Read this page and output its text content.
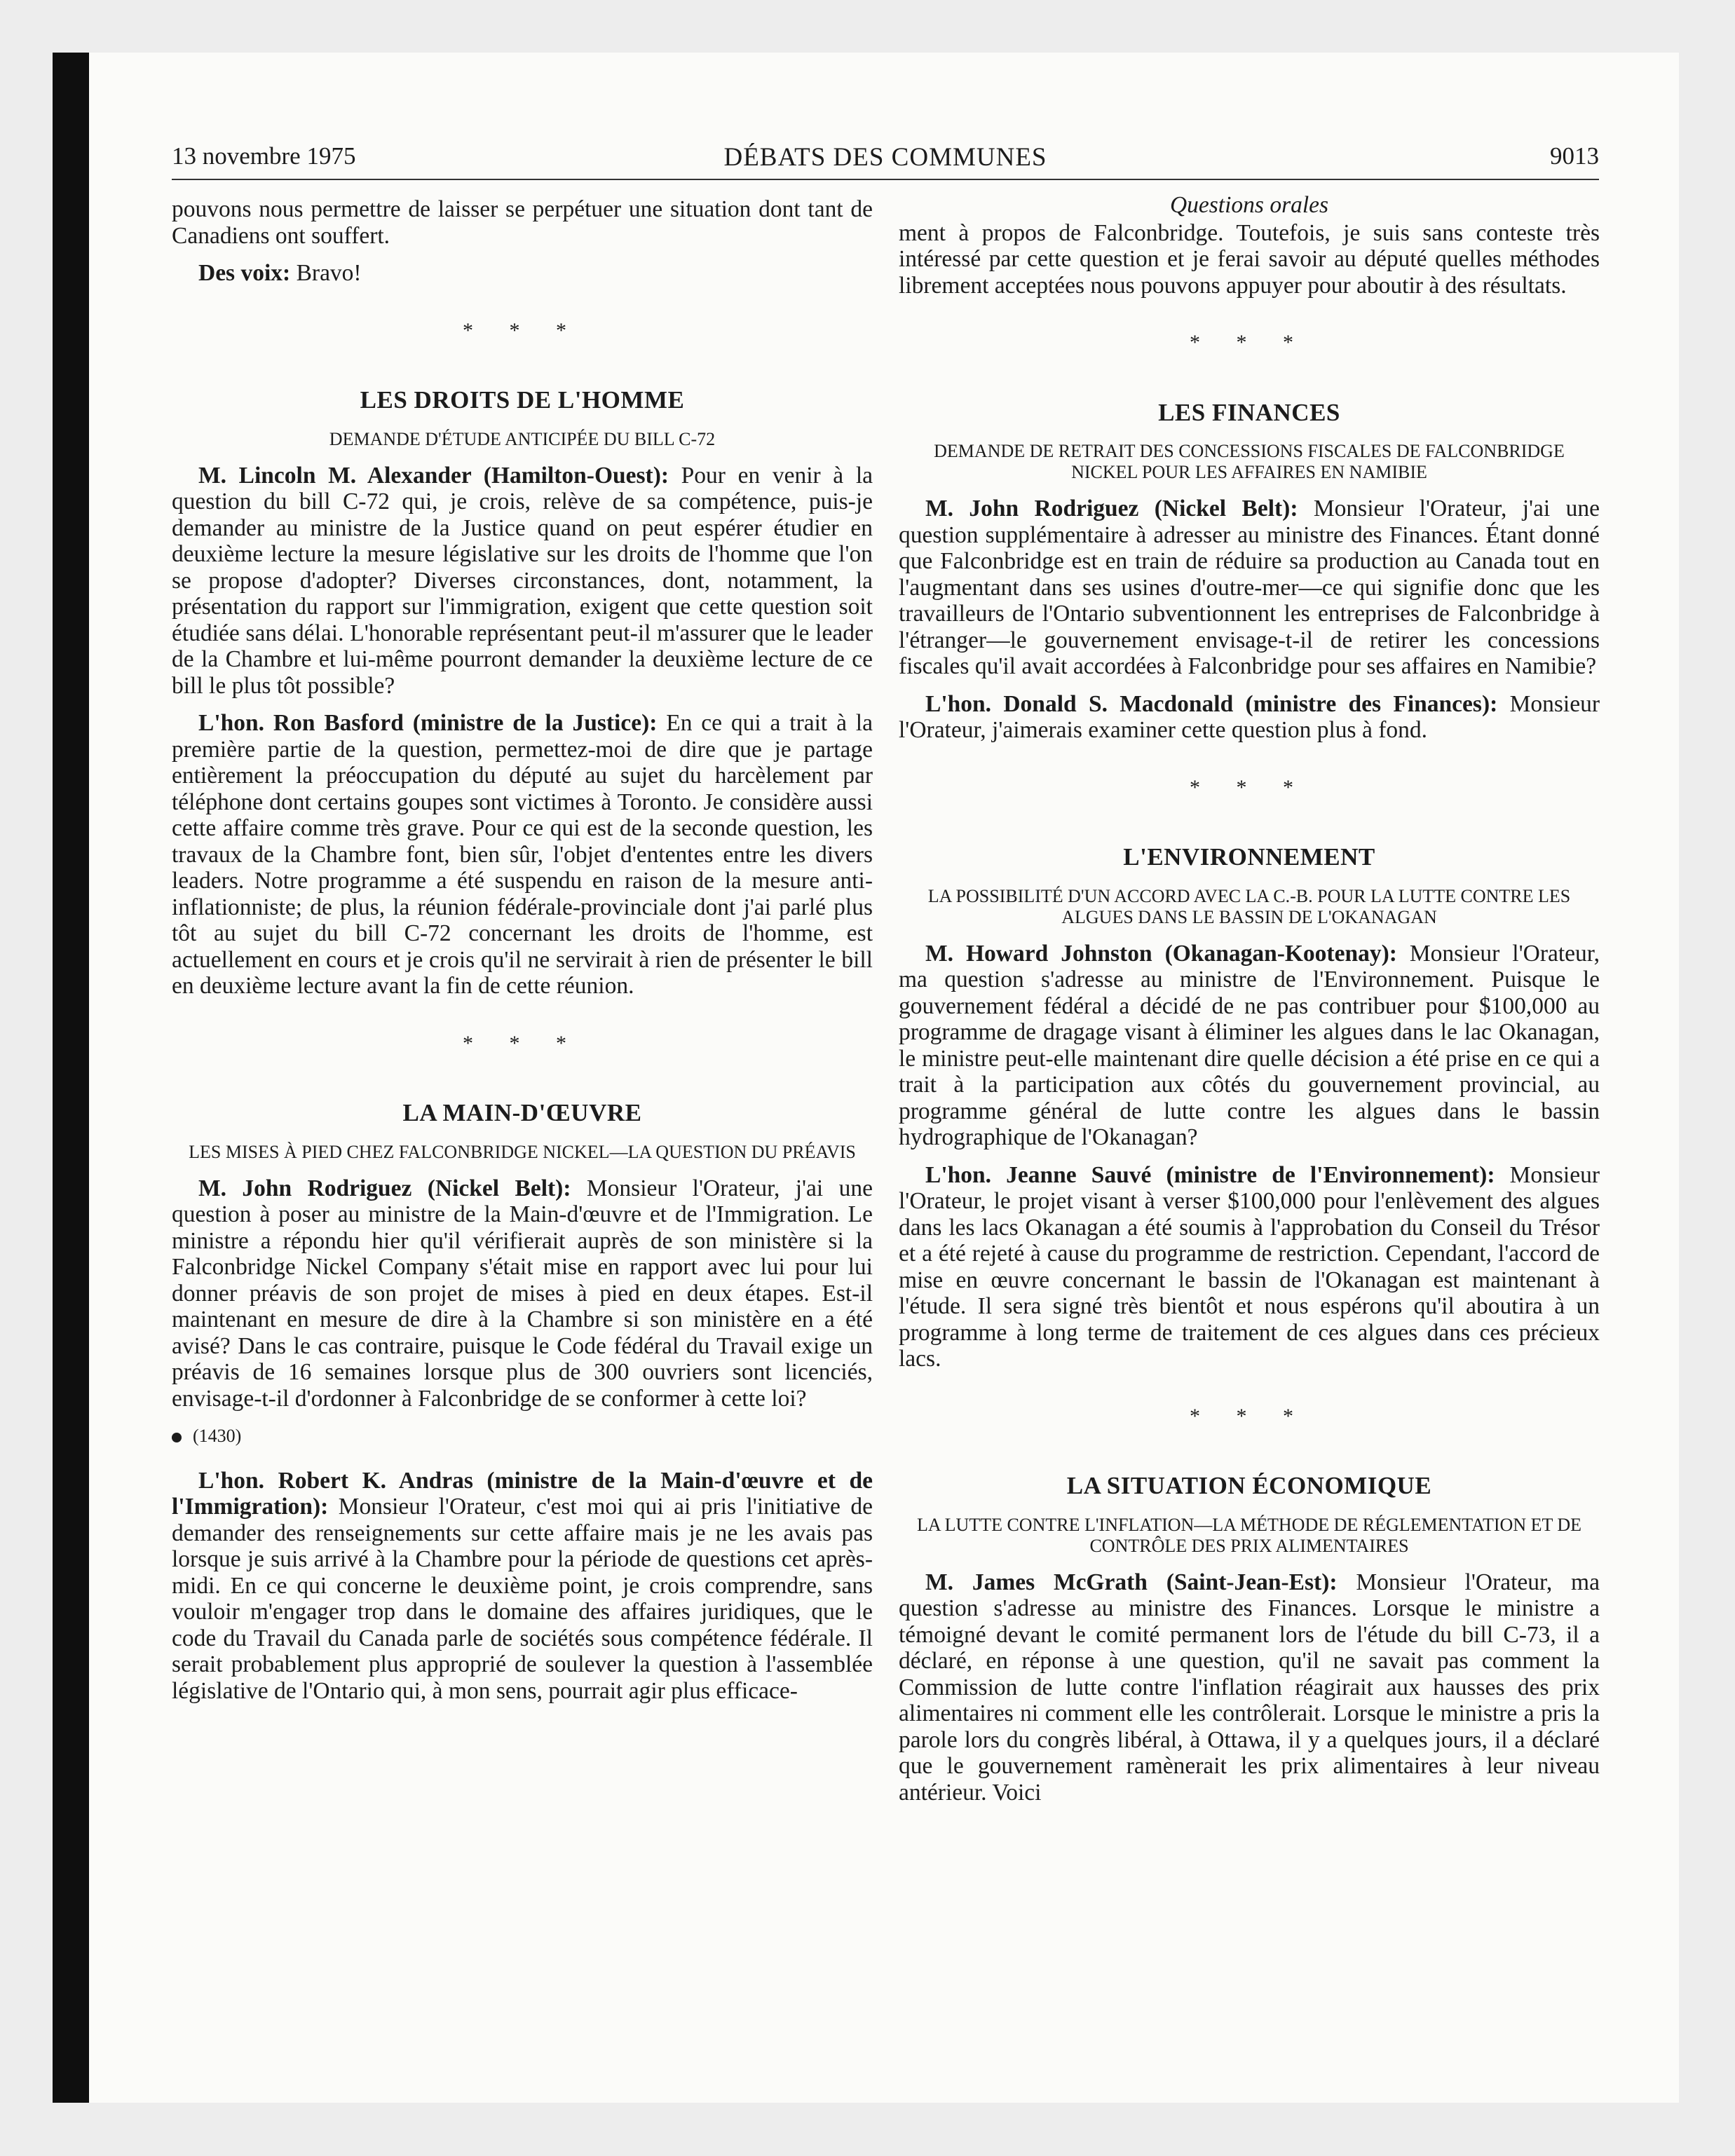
13 novembre 1975	DÉBATS DES COMMUNES	9013

pouvons nous permettre de laisser se perpétuer une situation dont tant de Canadiens ont souffert.

Des voix: Bravo!

* * *
LES DROITS DE L'HOMME
DEMANDE D'ÉTUDE ANTICIPÉE DU BILL C-72

M. Lincoln M. Alexander (Hamilton-Ouest): Pour en venir à la question du bill C-72 qui, je crois, relève de sa compétence, puis-je demander au ministre de la Justice quand on peut espérer étudier en deuxième lecture la mesure législative sur les droits de l'homme que l'on se propose d'adopter? Diverses circonstances, dont, notamment, la présentation du rapport sur l'immigration, exigent que cette question soit étudiée sans délai. L'honorable représentant peut-il m'assurer que le leader de la Chambre et lui-même pourront demander la deuxième lecture de ce bill le plus tôt possible?

L'hon. Ron Basford (ministre de la Justice): En ce qui a trait à la première partie de la question, permettez-moi de dire que je partage entièrement la préoccupation du député au sujet du harcèlement par téléphone dont certains goupes sont victimes à Toronto. Je considère aussi cette affaire comme très grave. Pour ce qui est de la seconde question, les travaux de la Chambre font, bien sûr, l'objet d'ententes entre les divers leaders. Notre programme a été suspendu en raison de la mesure anti-inflationniste; de plus, la réunion fédérale-provinciale dont j'ai parlé plus tôt au sujet du bill C-72 concernant les droits de l'homme, est actuellement en cours et je crois qu'il ne servirait à rien de présenter le bill en deuxième lecture avant la fin de cette réunion.

* * *
LA MAIN-D'ŒUVRE
LES MISES À PIED CHEZ FALCONBRIDGE NICKEL—LA QUESTION DU PRÉAVIS

M. John Rodriguez (Nickel Belt): Monsieur l'Orateur, j'ai une question à poser au ministre de la Main-d'œuvre et de l'Immigration. Le ministre a répondu hier qu'il vérifierait auprès de son ministère si la Falconbridge Nickel Company s'était mise en rapport avec lui pour lui donner préavis de son projet de mises à pied en deux étapes. Est-il maintenant en mesure de dire à la Chambre si son ministère en a été avisé? Dans le cas contraire, puisque le Code fédéral du Travail exige un préavis de 16 semaines lorsque plus de 300 ouvriers sont licenciés, envisage-t-il d'ordonner à Falconbridge de se conformer à cette loi?

(1430)

L'hon. Robert K. Andras (ministre de la Main-d'œuvre et de l'Immigration): Monsieur l'Orateur, c'est moi qui ai pris l'initiative de demander des renseignements sur cette affaire mais je ne les avais pas lorsque je suis arrivé à la Chambre pour la période de questions cet après-midi. En ce qui concerne le deuxième point, je crois comprendre, sans vouloir m'engager trop dans le domaine des affaires juridiques, que le code du Travail du Canada parle de sociétés sous compétence fédérale. Il serait probablement plus approprié de soulever la question à l'assemblée législative de l'Ontario qui, à mon sens, pourrait agir plus efficace-

Questions orales

ment à propos de Falconbridge. Toutefois, je suis sans conteste très intéressé par cette question et je ferai savoir au député quelles méthodes librement acceptées nous pouvons appuyer pour aboutir à des résultats.

* * *
LES FINANCES
DEMANDE DE RETRAIT DES CONCESSIONS FISCALES DE FALCONBRIDGE NICKEL POUR LES AFFAIRES EN NAMIBIE

M. John Rodriguez (Nickel Belt): Monsieur l'Orateur, j'ai une question supplémentaire à adresser au ministre des Finances. Étant donné que Falconbridge est en train de réduire sa production au Canada tout en l'augmentant dans ses usines d'outre-mer—ce qui signifie donc que les travailleurs de l'Ontario subventionnent les entreprises de Falconbridge à l'étranger—le gouvernement envisage-t-il de retirer les concessions fiscales qu'il avait accordées à Falconbridge pour ses affaires en Namibie?

L'hon. Donald S. Macdonald (ministre des Finances): Monsieur l'Orateur, j'aimerais examiner cette question plus à fond.

* * *
L'ENVIRONNEMENT
LA POSSIBILITÉ D'UN ACCORD AVEC LA C.-B. POUR LA LUTTE CONTRE LES ALGUES DANS LE BASSIN DE L'OKANAGAN

M. Howard Johnston (Okanagan-Kootenay): Monsieur l'Orateur, ma question s'adresse au ministre de l'Environnement. Puisque le gouvernement fédéral a décidé de ne pas contribuer pour $100,000 au programme de dragage visant à éliminer les algues dans le lac Okanagan, le ministre peut-elle maintenant dire quelle décision a été prise en ce qui a trait à la participation aux côtés du gouvernement provincial, au programme général de lutte contre les algues dans le bassin hydrographique de l'Okanagan?

L'hon. Jeanne Sauvé (ministre de l'Environnement): Monsieur l'Orateur, le projet visant à verser $100,000 pour l'enlèvement des algues dans les lacs Okanagan a été soumis à l'approbation du Conseil du Trésor et a été rejeté à cause du programme de restriction. Cependant, l'accord de mise en œuvre concernant le bassin de l'Okanagan est maintenant à l'étude. Il sera signé très bientôt et nous espérons qu'il aboutira à un programme à long terme de traitement de ces algues dans ces précieux lacs.

* * *
LA SITUATION ÉCONOMIQUE
LA LUTTE CONTRE L'INFLATION—LA MÉTHODE DE RÉGLEMENTATION ET DE CONTRÔLE DES PRIX ALIMENTAIRES

M. James McGrath (Saint-Jean-Est): Monsieur l'Orateur, ma question s'adresse au ministre des Finances. Lorsque le ministre a témoigné devant le comité permanent lors de l'étude du bill C-73, il a déclaré, en réponse à une question, qu'il ne savait pas comment la Commission de lutte contre l'inflation réagirait aux hausses des prix alimentaires ni comment elle les contrôlerait. Lorsque le ministre a pris la parole lors du congrès libéral, à Ottawa, il y a quelques jours, il a déclaré que le gouvernement ramènerait les prix alimentaires à leur niveau antérieur. Voici
